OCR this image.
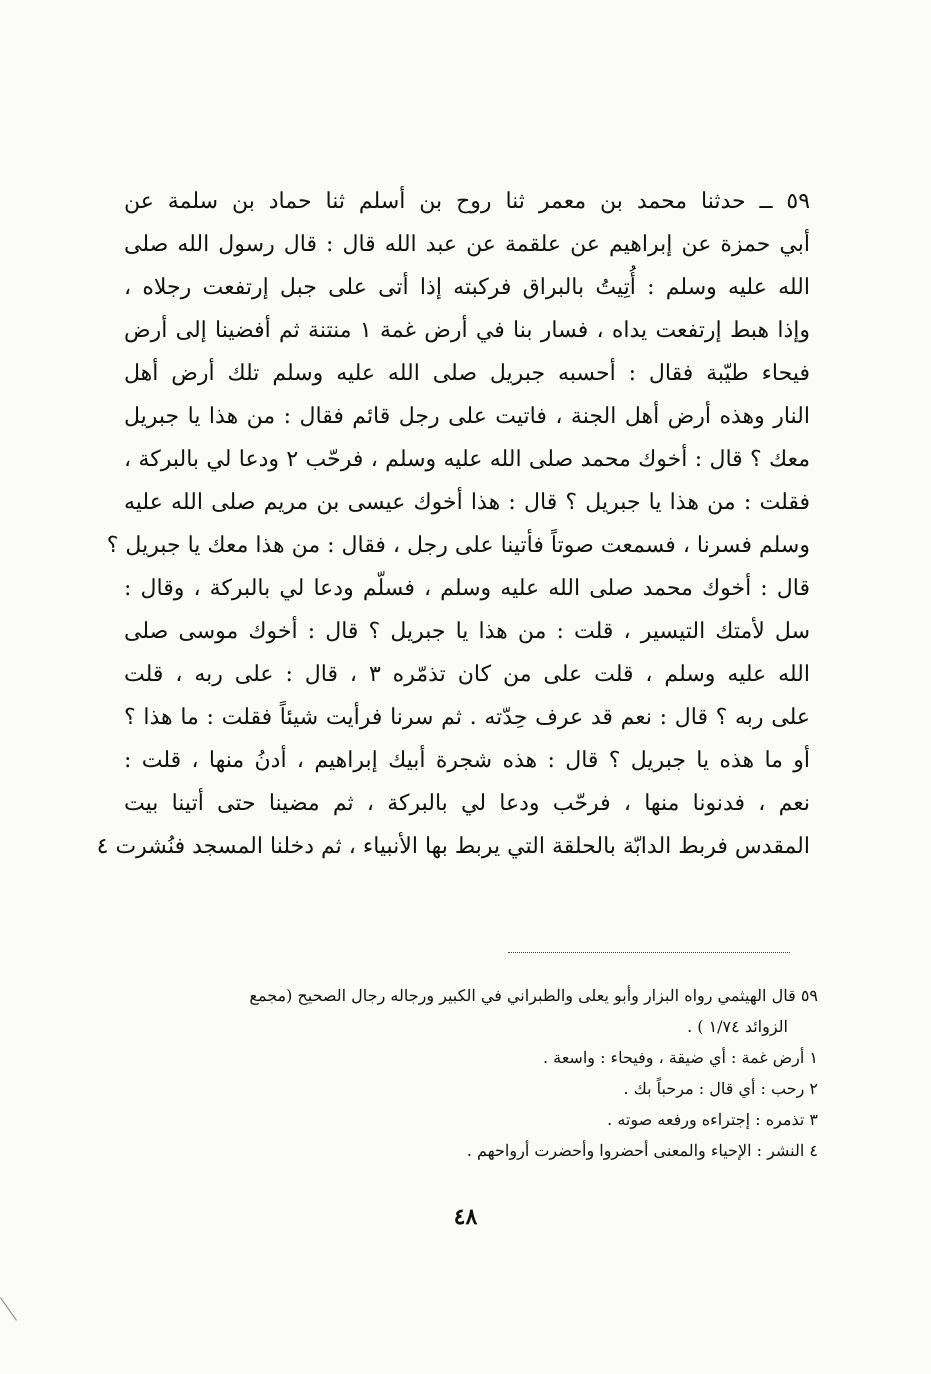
٥٩ ــ حدثنا محمد بن معمر ثنا روح بن أسلم ثنا حماد بن سلمة عن
أبي حمزة عن إبراهيم عن علقمة عن عبد الله قال : قال رسول الله صلى
الله عليه وسلم : أُتِيتُ بالبراق فركبته إذا أتى على جبل إرتفعت رجلاه ،
وإذا هبط إرتفعت يداه ، فسار بنا في أرض غمة ١ منتنة ثم أفضينا إلى أرض
فيحاء طيّبة فقال : أحسبه جبريل صلى الله عليه وسلم تلك أرض أهل
النار وهذه أرض أهل الجنة ، فاتيت على رجل قائم فقال : من هذا يا جبريل
معك ؟ قال : أخوك محمد صلى الله عليه وسلم ، فرحّب ٢ ودعا لي بالبركة ،
فقلت : من هذا يا جبريل ؟ قال : هذا أخوك عيسى بن مريم صلى الله عليه
وسلم فسرنا ، فسمعت صوتاً فأتينا على رجل ، فقال : من هذا معك يا جبريل ؟
قال : أخوك محمد صلى الله عليه وسلم ، فسلّم ودعا لي بالبركة ، وقال :
سل لأمتك التيسير ، قلت : من هذا يا جبريل ؟ قال : أخوك موسى صلى
الله عليه وسلم ، قلت على من كان تذمّره ٣ ، قال : على ربه ، قلت
على ربه ؟ قال : نعم قد عرف حِدّته . ثم سرنا فرأيت شيئاً فقلت : ما هذا ؟
أو ما هذه يا جبريل ؟ قال : هذه شجرة أبيك إبراهيم ، أدنُ منها ، قلت :
نعم ، فدنونا منها ، فرحّب ودعا لي بالبركة ، ثم مضينا حتى أتينا بيت
المقدس فربط الدابّة بالحلقة التي يربط بها الأنبياء ، ثم دخلنا المسجد فنُشرت ٤
٥٩ قال الهيثمي رواه البزار وأبو يعلى والطبراني في الكبير ورجاله رجال الصحيح (مجمع
الزوائد ١/٧٤ ) .
١ أرض غمة : أي ضيقة ، وفيحاء : واسعة .
٢ رحب : أي قال : مرحباً بك .
٣ تذمره : إجتراءه ورفعه صوته .
٤ النشر : الإحياء والمعنى أحضروا وأحضرت أرواحهم .
٤٨
